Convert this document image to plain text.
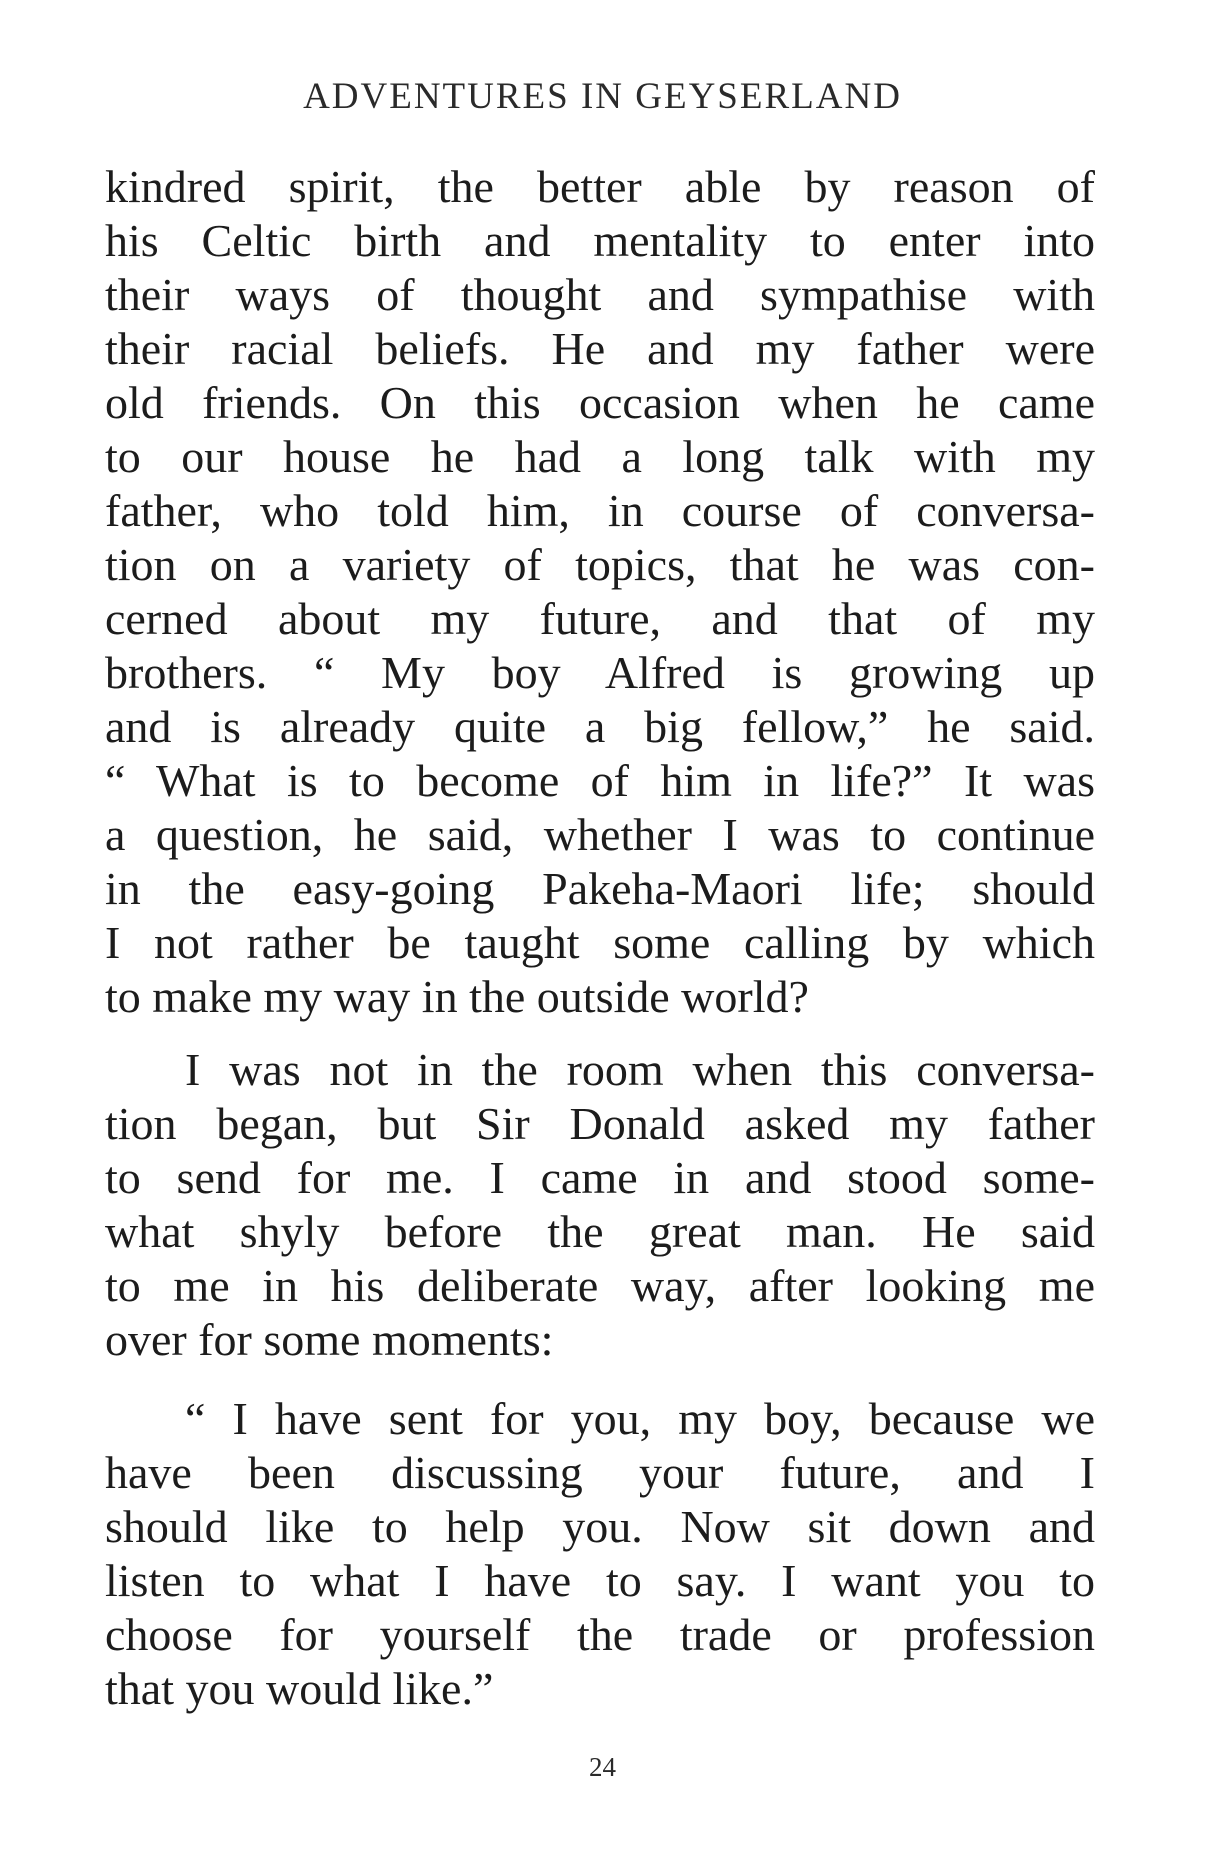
ADVENTURES IN GEYSERLAND
kindred spirit, the better able by reason of
his Celtic birth and mentality to enter into
their ways of thought and sympathise with
their racial beliefs. He and my father were
old friends. On this occasion when he came
to our house he had a long talk with my
father, who told him, in course of conversa-
tion on a variety of topics, that he was con-
cerned about my future, and that of my
brothers. “ My boy Alfred is growing up
and is already quite a big fellow,” he said.
“ What is to become of him in life?” It was
a question, he said, whether I was to continue
in the easy-going Pakeha-Maori life; should
I not rather be taught some calling by which
to make my way in the outside world?
I was not in the room when this conversa-
tion began, but Sir Donald asked my father
to send for me. I came in and stood some-
what shyly before the great man. He said
to me in his deliberate way, after looking me
over for some moments:
“ I have sent for you, my boy, because we
have been discussing your future, and I
should like to help you. Now sit down and
listen to what I have to say. I want you to
choose for yourself the trade or profession
that you would like.”
24
